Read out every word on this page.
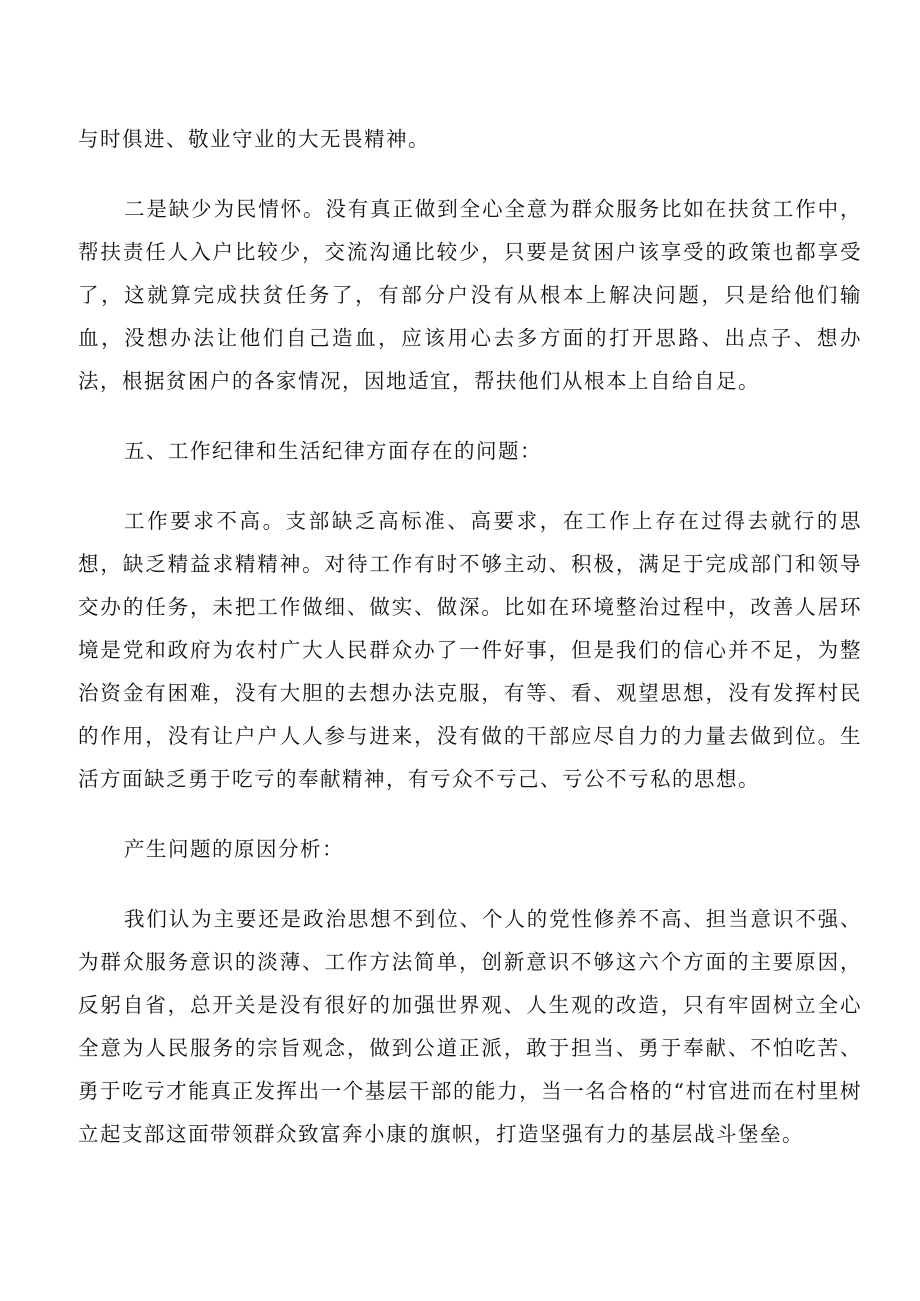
与时俱进、敬业守业的大无畏精神。

二是缺少为民情怀。没有真正做到全心全意为群众服务比如在扶贫工作中，帮扶责任人入户比较少，交流沟通比较少，只要是贫困户该享受的政策也都享受了，这就算完成扶贫任务了，有部分户没有从根本上解决问题，只是给他们输血，没想办法让他们自己造血，应该用心去多方面的打开思路、出点子、想办法，根据贫困户的各家情况，因地适宜，帮扶他们从根本上自给自足。

五、工作纪律和生活纪律方面存在的问题：

工作要求不高。支部缺乏高标准、高要求，在工作上存在过得去就行的思想，缺乏精益求精精神。对待工作有时不够主动、积极，满足于完成部门和领导交办的任务，未把工作做细、做实、做深。比如在环境整治过程中，改善人居环境是党和政府为农村广大人民群众办了一件好事，但是我们的信心并不足，为整治资金有困难，没有大胆的去想办法克服，有等、看、观望思想，没有发挥村民的作用，没有让户户人人参与进来，没有做的干部应尽自力的力量去做到位。生活方面缺乏勇于吃亏的奉献精神，有亏众不亏己、亏公不亏私的思想。

产生问题的原因分析：

我们认为主要还是政治思想不到位、个人的党性修养不高、担当意识不强、为群众服务意识的淡薄、工作方法简单，创新意识不够这六个方面的主要原因，反躬自省，总开关是没有很好的加强世界观、人生观的改造，只有牢固树立全心全意为人民服务的宗旨观念，做到公道正派，敢于担当、勇于奉献、不怕吃苦、勇于吃亏才能真正发挥出一个基层干部的能力，当一名合格的“村官进而在村里树立起支部这面带领群众致富奔小康的旗帜，打造坚强有力的基层战斗堡垒。
